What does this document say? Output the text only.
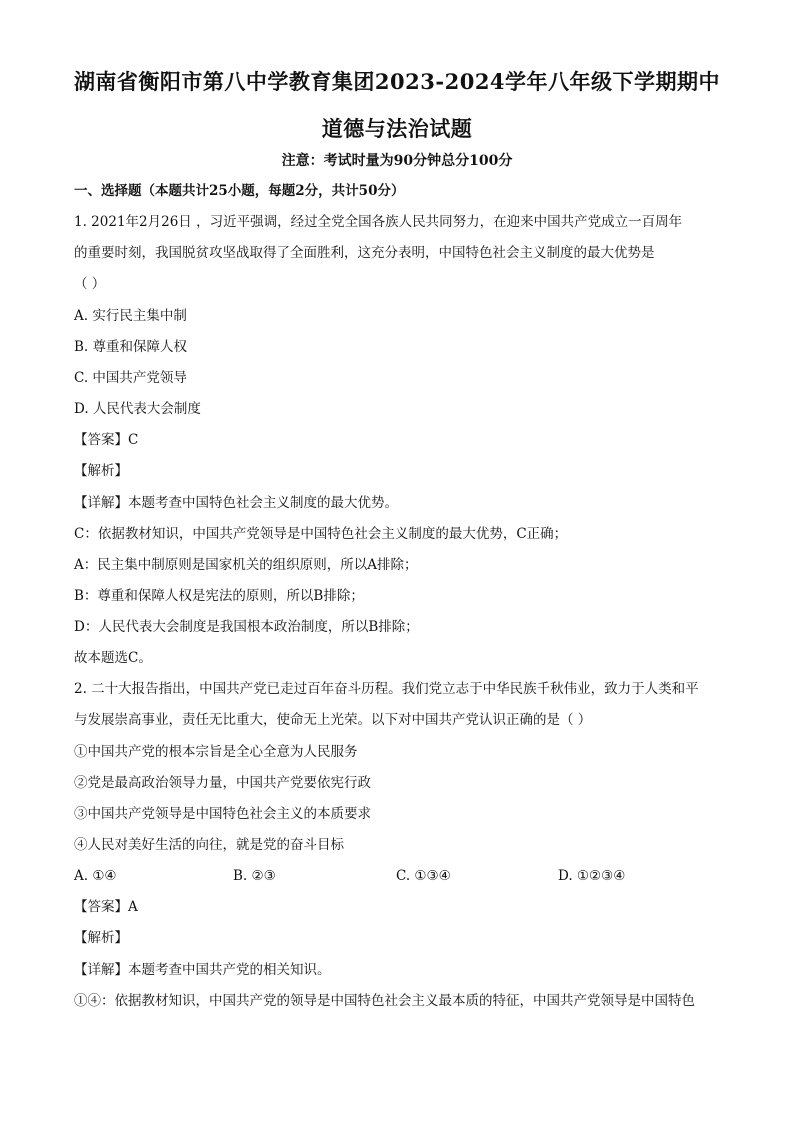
湖南省衡阳市第八中学教育集团2023-2024学年八年级下学期期中
道德与法治试题
注意：考试时量为90分钟总分100分
一、选择题（本题共计25小题，每题2分，共计50分）
1. 2021年2月26日 ，习近平强调，经过全党全国各族人民共同努力，在迎来中国共产党成立一百周年
的重要时刻，我国脱贫攻坚战取得了全面胜利，这充分表明，中国特色社会主义制度的最大优势是
（ ）
A. 实行民主集中制
B. 尊重和保障人权
C. 中国共产党领导
D. 人民代表大会制度
【答案】C
【解析】
【详解】本题考查中国特色社会主义制度的最大优势。
C：依据教材知识，中国共产党领导是中国特色社会主义制度的最大优势，C正确；
A：民主集中制原则是国家机关的组织原则，所以A排除；
B：尊重和保障人权是宪法的原则，所以B排除；
D：人民代表大会制度是我国根本政治制度，所以B排除；
故本题选C。
2. 二十大报告指出，中国共产党已走过百年奋斗历程。我们党立志于中华民族千秋伟业，致力于人类和平
与发展崇高事业，责任无比重大，使命无上光荣。以下对中国共产党认识正确的是（ ）
①中国共产党的根本宗旨是全心全意为人民服务
②党是最高政治领导力量，中国共产党要依宪行政
③中国共产党领导是中国特色社会主义的本质要求
④人民对美好生活的向往，就是党的奋斗目标
A. ①④	B. ②③	C. ①③④	D. ①②③④
【答案】A
【解析】
【详解】本题考查中国共产党的相关知识。
①④：依据教材知识，中国共产党的领导是中国特色社会主义最本质的特征，中国共产党领导是中国特色
